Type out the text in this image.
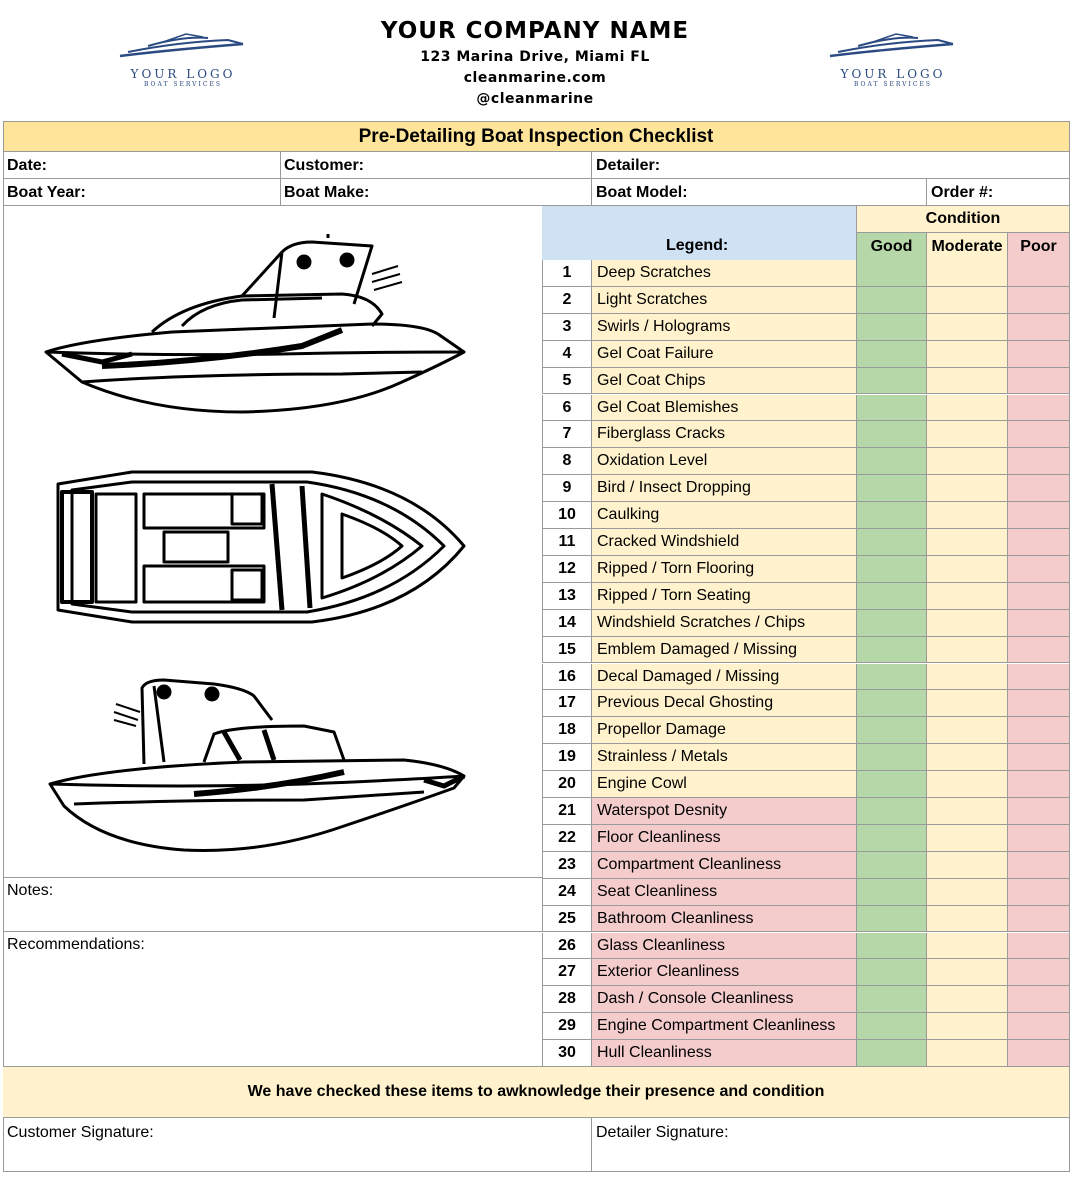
YOUR LOGO
BOAT SERVICES
YOUR COMPANY NAME
123 Marina Drive, Miami FL
cleanmarine.com
@cleanmarine
YOUR LOGO
BOAT SERVICES
Pre-Detailing Boat Inspection Checklist
Date:	Customer:	Detailer:
Boat Year:	Boat Make:	Boat Model:	Order #:
Legend:
Condition
Good	Moderate	Poor
1	Deep Scratches
2	Light Scratches
3	Swirls / Holograms
4	Gel Coat Failure
5	Gel Coat Chips
6	Gel Coat Blemishes
7	Fiberglass Cracks
8	Oxidation Level
9	Bird / Insect Dropping
10	Caulking
11	Cracked Windshield
12	Ripped / Torn Flooring
13	Ripped / Torn Seating
14	Windshield Scratches / Chips
15	Emblem Damaged / Missing
16	Decal Damaged / Missing
17	Previous Decal Ghosting
18	Propellor Damage
19	Strainless / Metals
20	Engine Cowl
21	Waterspot Desnity
22	Floor Cleanliness
23	Compartment Cleanliness
24	Seat Cleanliness
25	Bathroom Cleanliness
26	Glass Cleanliness
27	Exterior Cleanliness
28	Dash / Console Cleanliness
29	Engine Compartment Cleanliness
30	Hull Cleanliness
Notes:
Recommendations:
We have checked these items to awknowledge their presence and condition
Customer Signature:	Detailer Signature:
